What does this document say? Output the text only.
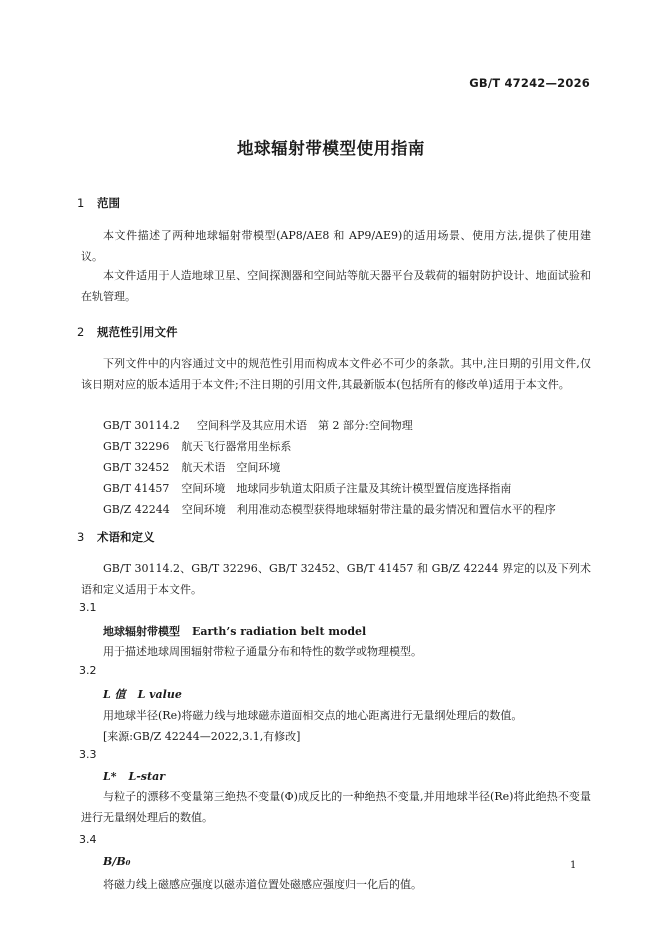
GB/T 47242—2026
地球辐射带模型使用指南
1 范围
本文件描述了两种地球辐射带模型(AP8/AE8 和 AP9/AE9)的适用场景、使用方法,提供了使用建议。
本文件适用于人造地球卫星、空间探测器和空间站等航天器平台及载荷的辐射防护设计、地面试验和在轨管理。
2 规范性引用文件
下列文件中的内容通过文中的规范性引用而构成本文件必不可少的条款。其中,注日期的引用文件,仅该日期对应的版本适用于本文件;不注日期的引用文件,其最新版本(包括所有的修改单)适用于本文件。
GB/T 30114.2 空间科学及其应用术语　第 2 部分:空间物理
GB/T 32296 航天飞行器常用坐标系
GB/T 32452 航天术语　空间环境
GB/T 41457 空间环境　地球同步轨道太阳质子注量及其统计模型置信度选择指南
GB/Z 42244 空间环境　利用准动态模型获得地球辐射带注量的最劣情况和置信水平的程序
3 术语和定义
GB/T 30114.2、GB/T 32296、GB/T 32452、GB/T 41457 和 GB/Z 42244 界定的以及下列术语和定义适用于本文件。
3.1
地球辐射带模型 Earth’s radiation belt model
用于描述地球周围辐射带粒子通量分布和特性的数学或物理模型。
3.2
L 值 L value
用地球半径(Re)将磁力线与地球磁赤道面相交点的地心距离进行无量纲处理后的数值。
[来源:GB/Z 42244—2022,3.1,有修改]
3.3
L* L-star
与粒子的漂移不变量第三绝热不变量(Φ)成反比的一种绝热不变量,并用地球半径(Re)将此绝热不变量进行无量纲处理后的数值。
3.4
B/B₀
将磁力线上磁感应强度以磁赤道位置处磁感应强度归一化后的值。
1
